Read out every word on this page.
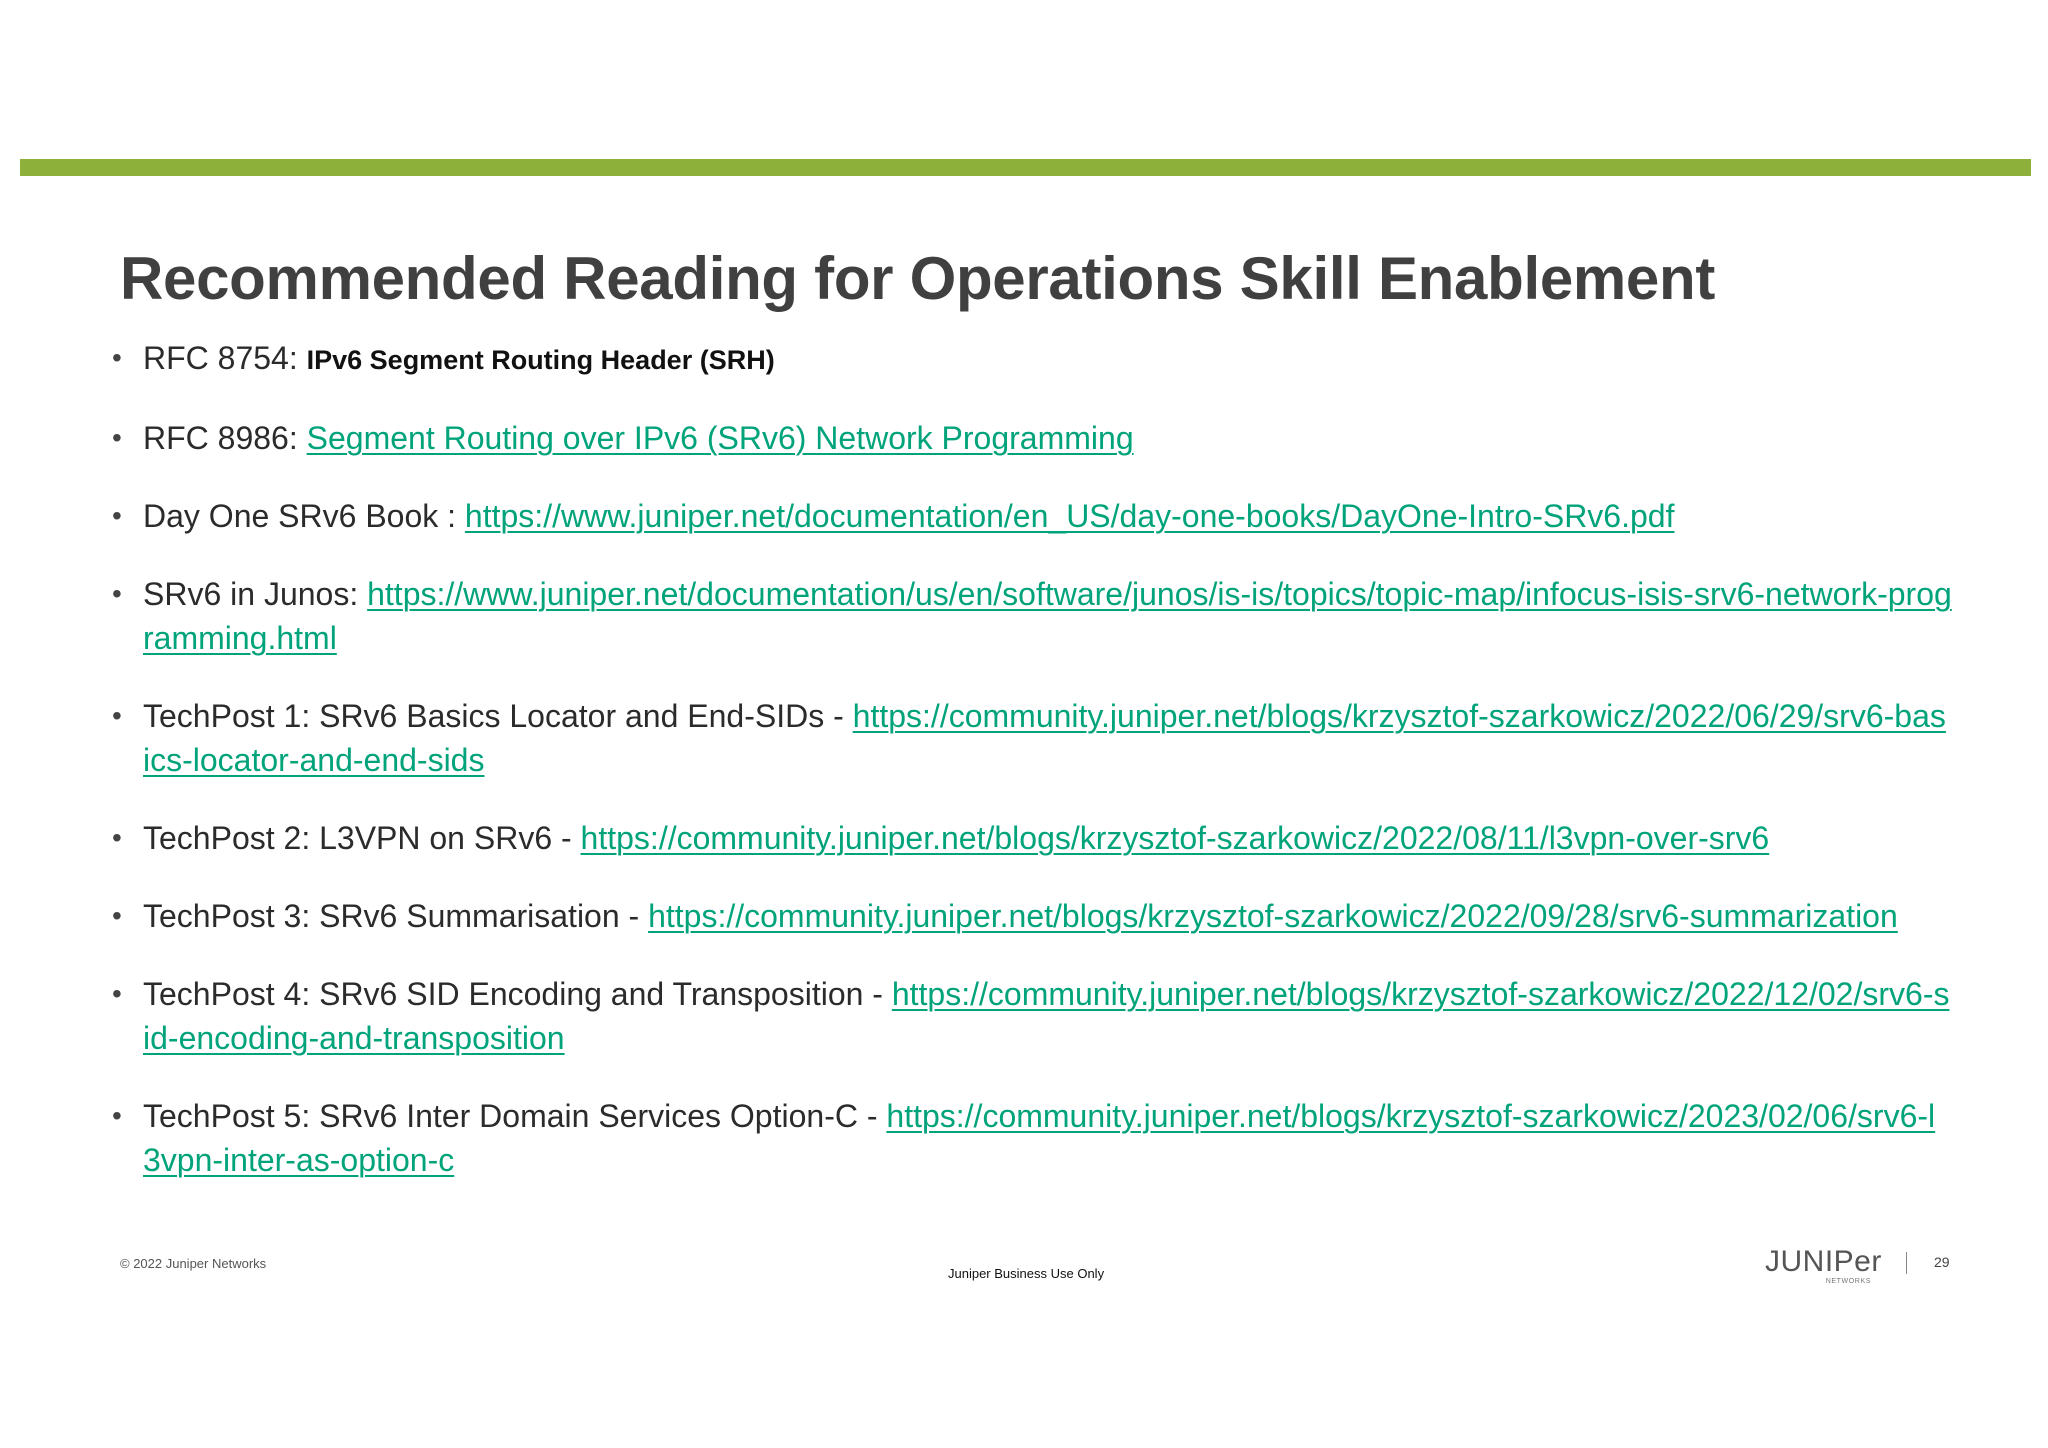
Recommended Reading for Operations Skill Enablement
• RFC 8754: IPv6 Segment Routing Header (SRH)
• RFC 8986: Segment Routing over IPv6 (SRv6) Network Programming
• Day One SRv6 Book : https://www.juniper.net/documentation/en_US/day-one-books/DayOne-Intro-SRv6.pdf
• SRv6 in Junos: https://www.juniper.net/documentation/us/en/software/junos/is-is/topics/topic-map/infocus-isis-srv6-network-programming.html
• TechPost 1: SRv6 Basics Locator and End-SIDs - https://community.juniper.net/blogs/krzysztof-szarkowicz/2022/06/29/srv6-basics-locator-and-end-sids
• TechPost 2: L3VPN on SRv6 - https://community.juniper.net/blogs/krzysztof-szarkowicz/2022/08/11/l3vpn-over-srv6
• TechPost 3: SRv6 Summarisation - https://community.juniper.net/blogs/krzysztof-szarkowicz/2022/09/28/srv6-summarization
• TechPost 4: SRv6 SID Encoding and Transposition - https://community.juniper.net/blogs/krzysztof-szarkowicz/2022/12/02/srv6-sid-encoding-and-transposition
• TechPost 5: SRv6 Inter Domain Services Option-C - https://community.juniper.net/blogs/krzysztof-szarkowicz/2023/02/06/srv6-l3vpn-inter-as-option-c
© 2022 Juniper Networks
Juniper Business Use Only	JUNIPer
NETWORKS
29
